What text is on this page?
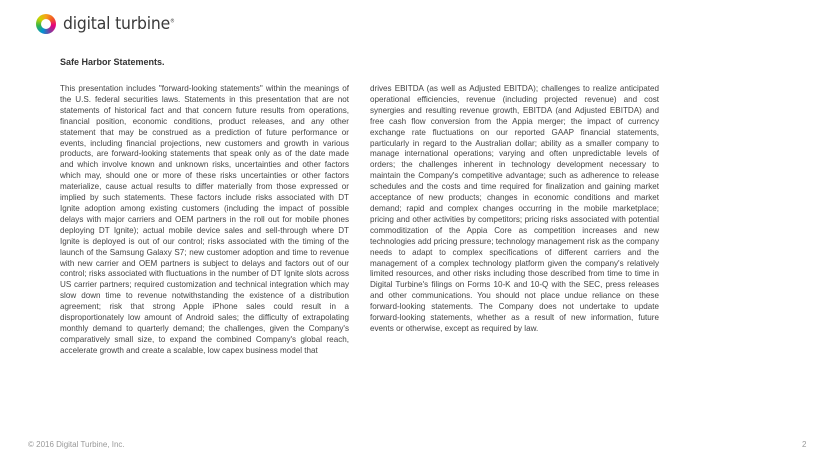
digital turbine®
Safe Harbor Statements.
This presentation includes "forward-looking statements" within the meanings of the U.S. federal securities laws. Statements in this presentation that are not statements of historical fact and that concern future results from operations, financial position, economic conditions, product releases, and any other statement that may be construed as a prediction of future performance or events, including financial projections, new customers and growth in various products, are forward-looking statements that speak only as of the date made and which involve known and unknown risks, uncertainties and other factors which may, should one or more of these risks uncertainties or other factors materialize, cause actual results to differ materially from those expressed or implied by such statements. These factors include risks associated with DT Ignite adoption among existing customers (including the impact of possible delays with major carriers and OEM partners in the roll out for mobile phones deploying DT Ignite); actual mobile device sales and sell-through where DT Ignite is deployed is out of our control; risks associated with the timing of the launch of the Samsung Galaxy S7; new customer adoption and time to revenue with new carrier and OEM partners is subject to delays and factors out of our control; risks associated with fluctuations in the number of DT Ignite slots across US carrier partners; required customization and technical integration which may slow down time to revenue notwithstanding the existence of a distribution agreement; risk that strong Apple iPhone sales could result in a disproportionately low amount of Android sales; the difficulty of extrapolating monthly demand to quarterly demand; the challenges, given the Company's comparatively small size, to expand the combined Company's global reach, accelerate growth and create a scalable, low capex business model that
drives EBITDA (as well as Adjusted EBITDA); challenges to realize anticipated operational efficiencies, revenue (including projected revenue) and cost synergies and resulting revenue growth, EBITDA (and Adjusted EBITDA) and free cash flow conversion from the Appia merger; the impact of currency exchange rate fluctuations on our reported GAAP financial statements, particularly in regard to the Australian dollar; ability as a smaller company to manage international operations; varying and often unpredictable levels of orders; the challenges inherent in technology development necessary to maintain the Company's competitive advantage; such as adherence to release schedules and the costs and time required for finalization and gaining market acceptance of new products; changes in economic conditions and market demand; rapid and complex changes occurring in the mobile marketplace; pricing and other activities by competitors; pricing risks associated with potential commoditization of the Appia Core as competition increases and new technologies add pricing pressure; technology management risk as the company needs to adapt to complex specifications of different carriers and the management of a complex technology platform given the company's relatively limited resources, and other risks including those described from time to time in Digital Turbine's filings on Forms 10-K and 10-Q with the SEC, press releases and other communications. You should not place undue reliance on these forward-looking statements. The Company does not undertake to update forward-looking statements, whether as a result of new information, future events or otherwise, except as required by law.
© 2016 Digital Turbine, Inc.	2
